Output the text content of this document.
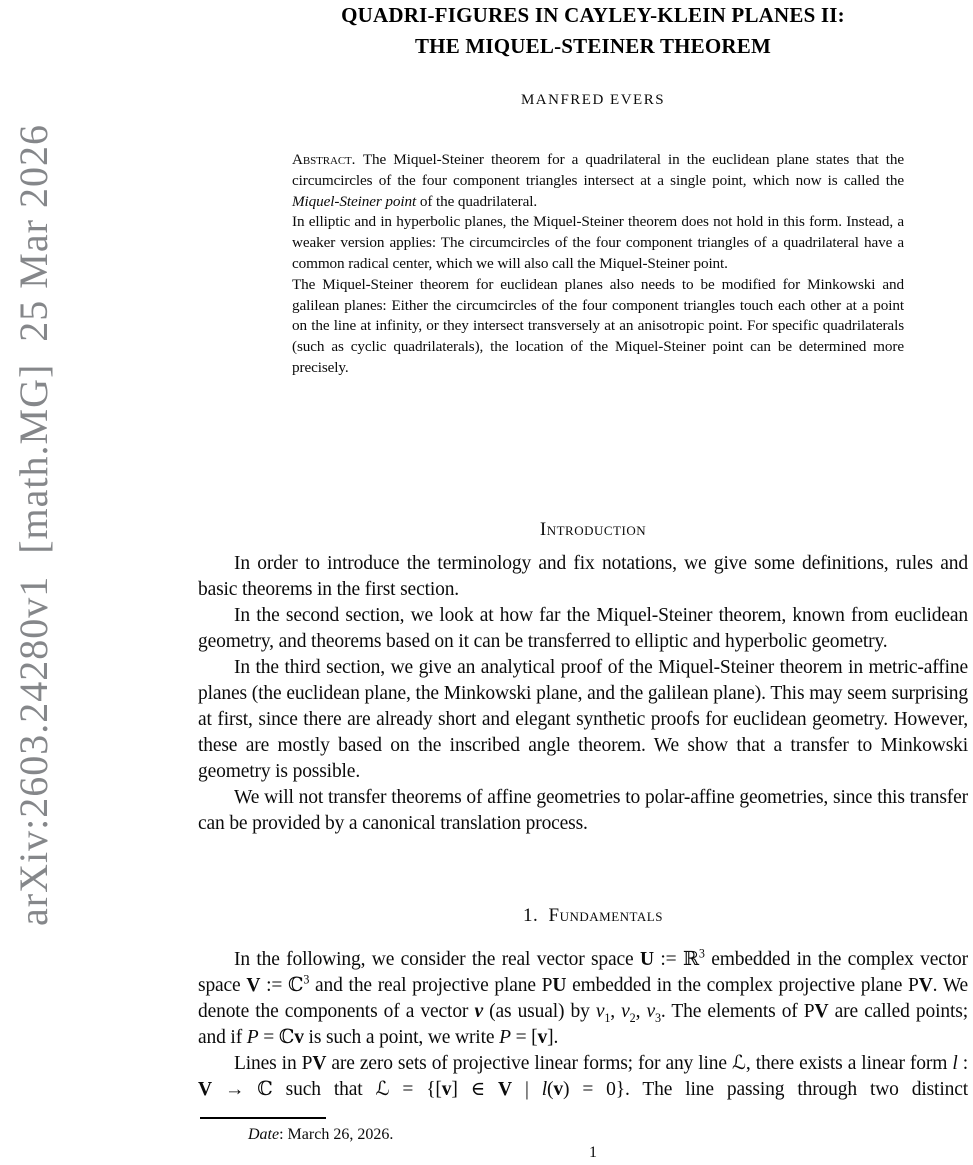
arXiv:2603.24280v1  [math.MG]  25 Mar 2026
QUADRI-FIGURES IN CAYLEY-KLEIN PLANES II:
THE MIQUEL-STEINER THEOREM
MANFRED EVERS

Abstract. The Miquel-Steiner theorem for a quadrilateral in the euclidean plane states that the circumcircles of the four component triangles intersect at a single point, which now is called the Miquel-Steiner point of the quadrilateral.

In elliptic and in hyperbolic planes, the Miquel-Steiner theorem does not hold in this form. Instead, a weaker version applies: The circumcircles of the four component triangles of a quadrilateral have a common radical center, which we will also call the Miquel-Steiner point.

The Miquel-Steiner theorem for euclidean planes also needs to be modified for Minkowski and galilean planes: Either the circumcircles of the four component triangles touch each other at a point on the line at infinity, or they intersect transversely at an anisotropic point. For specific quadrilaterals (such as cyclic quadrilaterals), the location of the Miquel-Steiner point can be determined more precisely.

Introduction

In order to introduce the terminology and fix notations, we give some definitions, rules and basic theorems in the first section.

In the second section, we look at how far the Miquel-Steiner theorem, known from euclidean geometry, and theorems based on it can be transferred to elliptic and hyperbolic geometry.

In the third section, we give an analytical proof of the Miquel-Steiner theorem in metric-affine planes (the euclidean plane, the Minkowski plane, and the galilean plane). This may seem surprising at first, since there are already short and elegant synthetic proofs for euclidean geometry. However, these are mostly based on the inscribed angle theorem. We show that a transfer to Minkowski geometry is possible.

We will not transfer theorems of affine geometries to polar-affine geometries, since this transfer can be provided by a canonical translation process.

1. Fundamentals

In the following, we consider the real vector space U := ℝ$^3$ embedded in the complex vector space V := ℂ$^3$ and the real projective plane PU embedded in the complex projective plane PV. We denote the components of a vector v (as usual) by $v_1$, $v_2$, $v_3$. The elements of PV are called points; and if P = ℂv is such a point, we write P = [v].

Lines in PV are zero sets of projective linear forms; for any line ℒ, there exists a linear form l : V → ℂ such that ℒ = {[v] ∈ V | l(v) = 0}. The line passing through two distinct

Date: March 26, 2026.
1
